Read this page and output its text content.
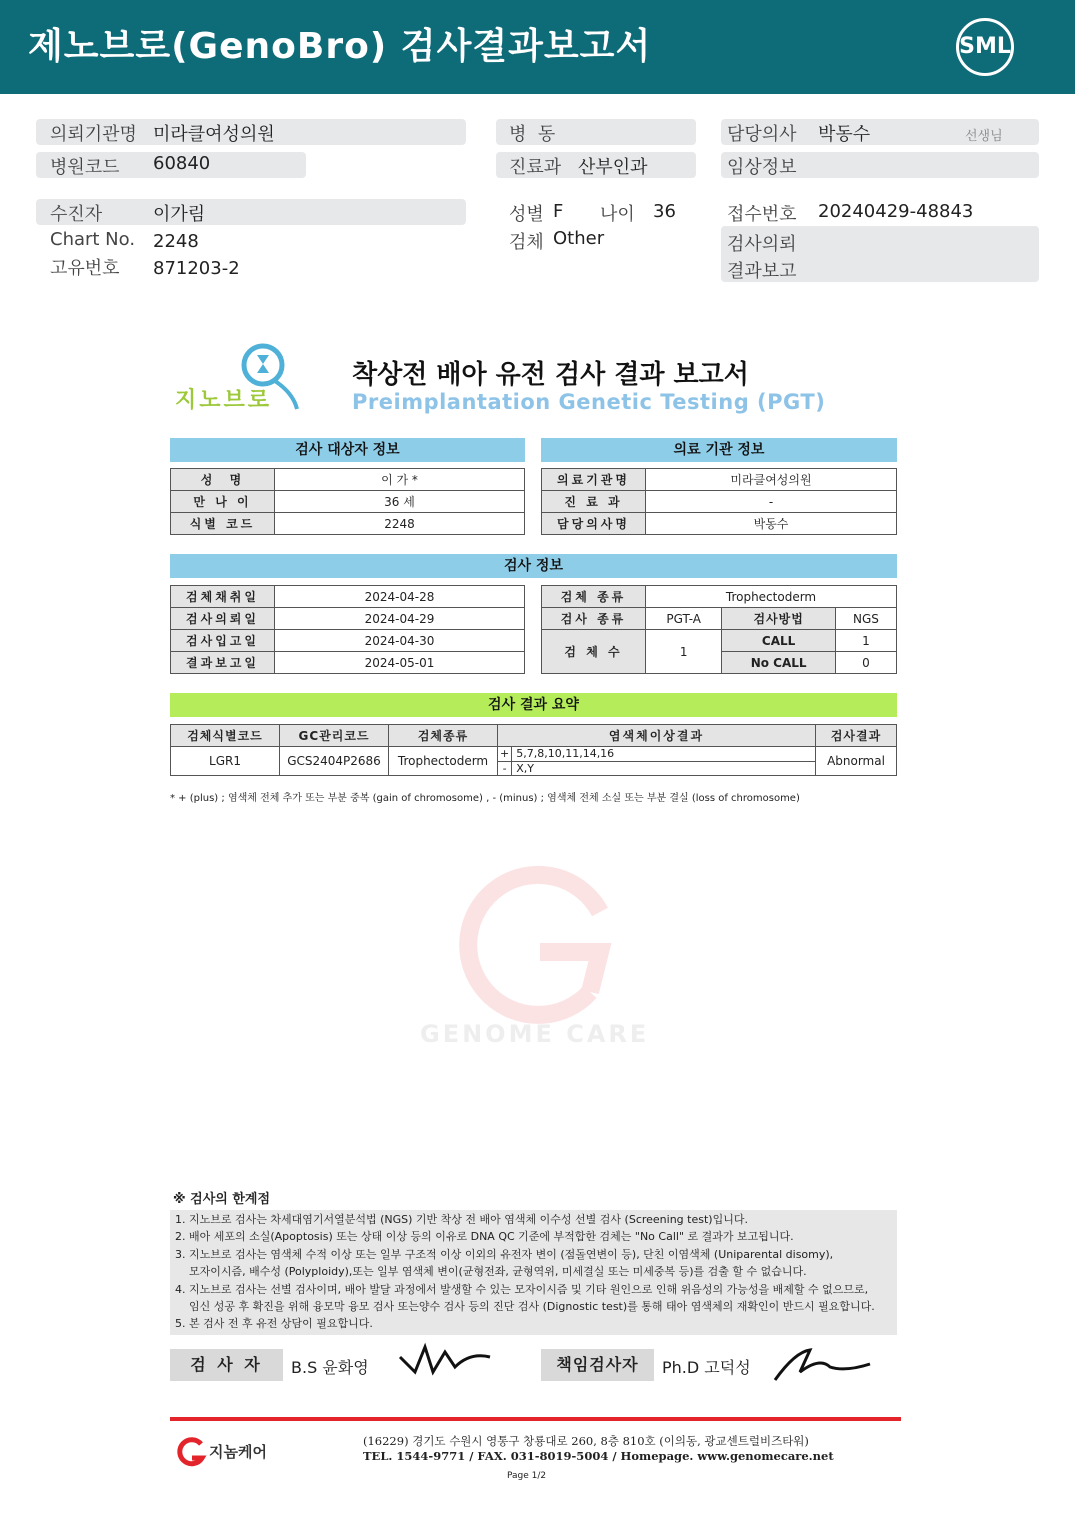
제노브로(GenoBro) 검사결과보고서	SML
의뢰기관명 미라클여성의원
병원코드 60840
병  동
진료과 산부인과
담당의사 박동수	선생님
임상정보
수진자	이가림
Chart No. 2248
고유번호 871203-2
성별 F 나이 36
검체 Other
접수번호 20240429-48843
검사의뢰
결과보고
지노브로
착상전 배아 유전 검사 결과 보고서
Preimplantation Genetic Testing (PGT)
검사 대상자 정보	의료 기관 정보
성  명	이 가 *
만 나 이	36 세
식별 코드	2248
의료기관명	미라클여성의원
진 료 과	-
담당의사명	박동수
검사 정보
검체채취일	2024-04-28
검사의뢰일	2024-04-29
검사입고일	2024-04-30
결과보고일	2024-05-01
검체 종류	Trophectoderm		
검사 종류	PGT-A	검사방법	NGS
검 체 수	1	CALL	1
		No CALL	0
검사 결과 요약
검체식별코드	GC관리코드	검체종류	염색체이상결과		검사결과
LGR1	GCS2404P2686	Trophectoderm	+	5,7,8,10,11,14,16	Abnormal
			-	X,Y	
* + (plus) ; 염색체 전체 추가 또는 부분 중복 (gain of chromosome) , - (minus) ; 염색체 전체 소실 또는 부분 결실 (loss of chromosome)
GENOME CARE
※ 검사의 한계점
1. 지노브로 검사는 차세대염기서열분석법 (NGS) 기반 착상 전 배아 염색체 이수성 선별 검사 (Screening test)입니다.
2. 배아 세포의 소실(Apoptosis) 또는 상태 이상 등의 이유로 DNA QC 기준에 부적합한 검체는 "No Call" 로 결과가 보고됩니다.
3. 지노브로 검사는 염색체 수적 이상 또는 일부 구조적 이상 이외의 유전자 변이 (점돌연변이 등), 단친 이염색체 (Uniparental disomy),
모자이시즘, 배수성 (Polyploidy),또는 일부 염색체 변이(균형전좌, 균형역위, 미세결실 또는 미세중복 등)를 검출 할 수 없습니다.
4. 지노브로 검사는 선별 검사이며, 배아 발달 과정에서 발생할 수 있는 모자이시즘 및 기타 원인으로 인해 위음성의 가능성을 배제할 수 없으므로,
임신 성공 후 확진을 위해 융모막 융모 검사 또는양수 검사 등의 진단 검사 (Dignostic test)를 통해 태아 염색체의 재확인이 반드시 필요합니다.
5. 본 검사 전 후 유전 상담이 필요합니다.
검 사 자	B.S 윤화영	책임검사자	Ph.D 고덕성
지놈케어
(16229) 경기도 수원시 영통구 창룡대로 260, 8층 810호 (이의동, 광교센트럴비즈타워)
TEL. 1544-9771 / FAX. 031-8019-5004 / Homepage. www.genomecare.net
Page 1/2
